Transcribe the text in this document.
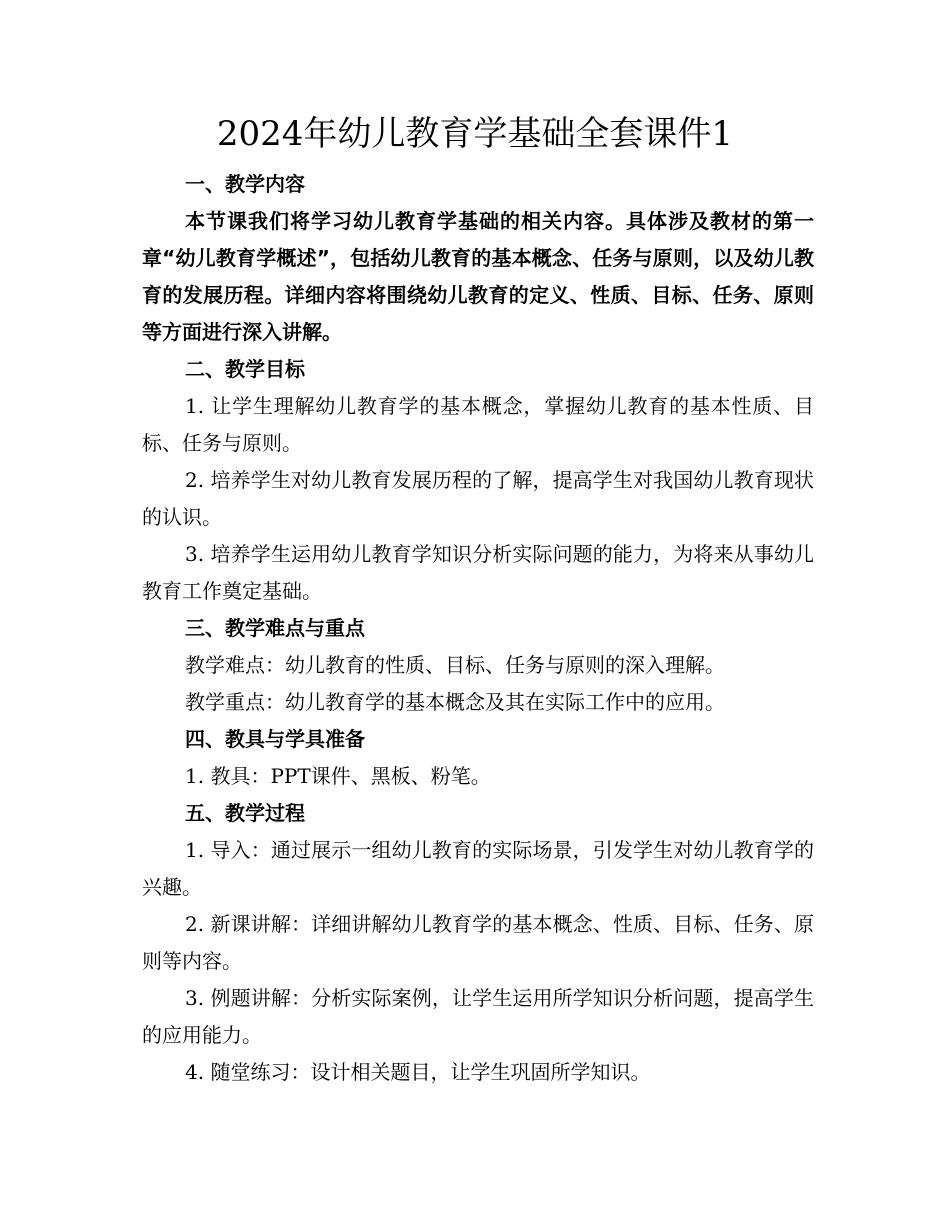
2024年幼儿教育学基础全套课件1

一、教学内容

本节课我们将学习幼儿教育学基础的相关内容。具体涉及教材的第一章“幼儿教育学概述”，包括幼儿教育的基本概念、任务与原则，以及幼儿教育的发展历程。详细内容将围绕幼儿教育的定义、性质、目标、任务、原则等方面进行深入讲解。

二、教学目标

1. 让学生理解幼儿教育学的基本概念，掌握幼儿教育的基本性质、目标、任务与原则。

2. 培养学生对幼儿教育发展历程的了解，提高学生对我国幼儿教育现状的认识。

3. 培养学生运用幼儿教育学知识分析实际问题的能力，为将来从事幼儿教育工作奠定基础。

三、教学难点与重点

教学难点：幼儿教育的性质、目标、任务与原则的深入理解。

教学重点：幼儿教育学的基本概念及其在实际工作中的应用。

四、教具与学具准备

1. 教具：PPT课件、黑板、粉笔。

五、教学过程

1. 导入：通过展示一组幼儿教育的实际场景，引发学生对幼儿教育学的兴趣。

2. 新课讲解：详细讲解幼儿教育学的基本概念、性质、目标、任务、原则等内容。

3. 例题讲解：分析实际案例，让学生运用所学知识分析问题，提高学生的应用能力。

4. 随堂练习：设计相关题目，让学生巩固所学知识。
